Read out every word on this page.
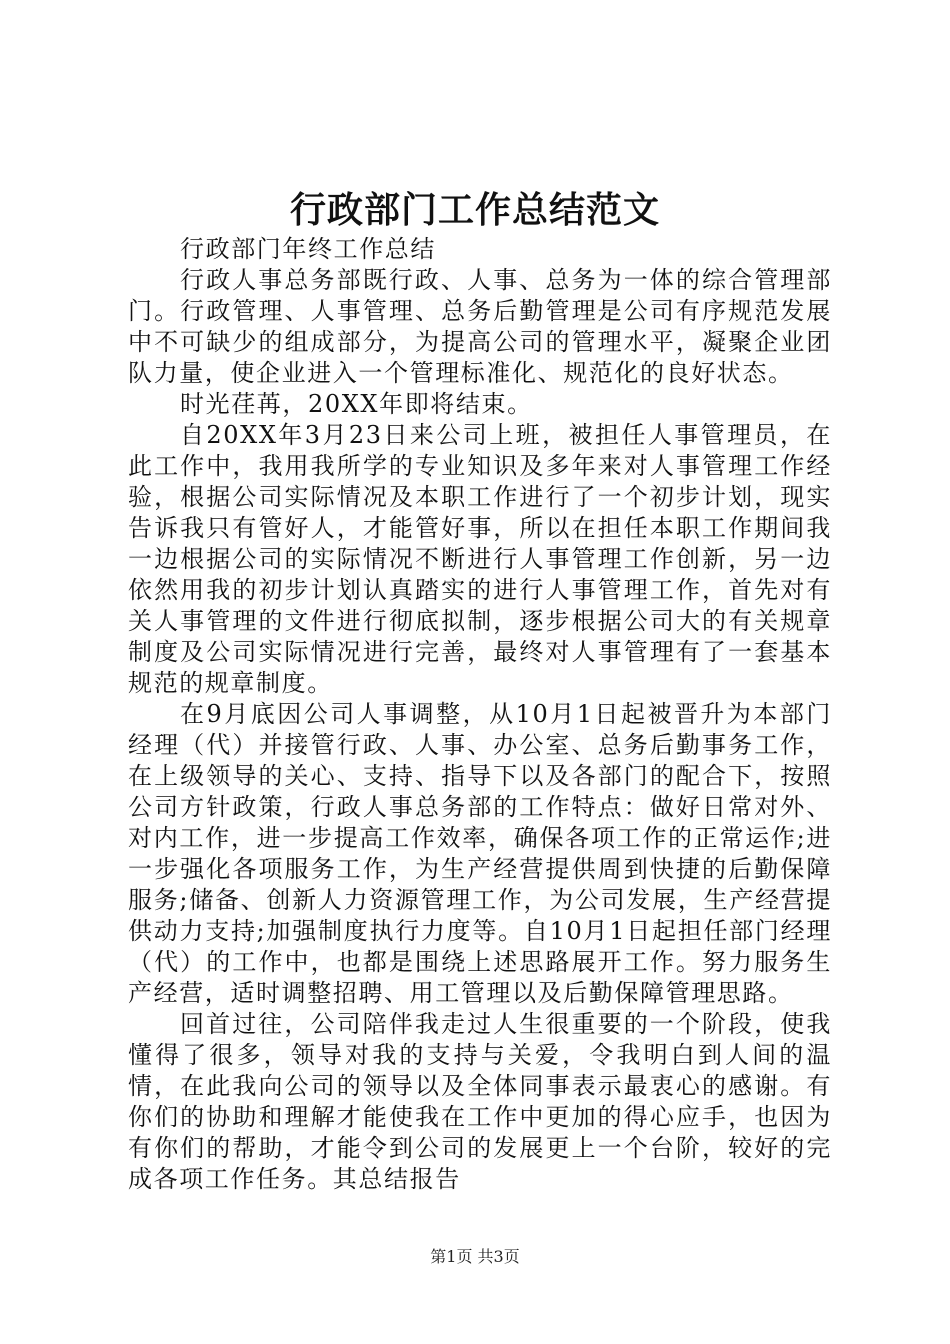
行政部门工作总结范文

行政部门年终工作总结

行政人事总务部既行政、人事、总务为一体的综合管理部门。行政管理、人事管理、总务后勤管理是公司有序规范发展中不可缺少的组成部分，为提高公司的管理水平，凝聚企业团队力量，使企业进入一个管理标准化、规范化的良好状态。

时光荏苒，20XX年即将结束。

自20XX年3月23日来公司上班，被担任人事管理员，在此工作中，我用我所学的专业知识及多年来对人事管理工作经验，根据公司实际情况及本职工作进行了一个初步计划，现实告诉我只有管好人，才能管好事，所以在担任本职工作期间我一边根据公司的实际情况不断进行人事管理工作创新，另一边依然用我的初步计划认真踏实的进行人事管理工作，首先对有关人事管理的文件进行彻底拟制，逐步根据公司大的有关规章制度及公司实际情况进行完善，最终对人事管理有了一套基本规范的规章制度。

在9月底因公司人事调整，从10月1日起被晋升为本部门经理（代）并接管行政、人事、办公室、总务后勤事务工作，在上级领导的关心、支持、指导下以及各部门的配合下，按照公司方针政策，行政人事总务部的工作特点：做好日常对外、对内工作，进一步提高工作效率，确保各项工作的正常运作;进一步强化各项服务工作，为生产经营提供周到快捷的后勤保障服务;储备、创新人力资源管理工作，为公司发展，生产经营提供动力支持;加强制度执行力度等。自10月1日起担任部门经理（代）的工作中，也都是围绕上述思路展开工作。努力服务生产经营，适时调整招聘、用工管理以及后勤保障管理思路。

回首过往，公司陪伴我走过人生很重要的一个阶段，使我懂得了很多，领导对我的支持与关爱，令我明白到人间的温情，在此我向公司的领导以及全体同事表示最衷心的感谢。有你们的协助和理解才能使我在工作中更加的得心应手，也因为有你们的帮助，才能令到公司的发展更上一个台阶，较好的完成各项工作任务。其总结报告

第1页 共3页
